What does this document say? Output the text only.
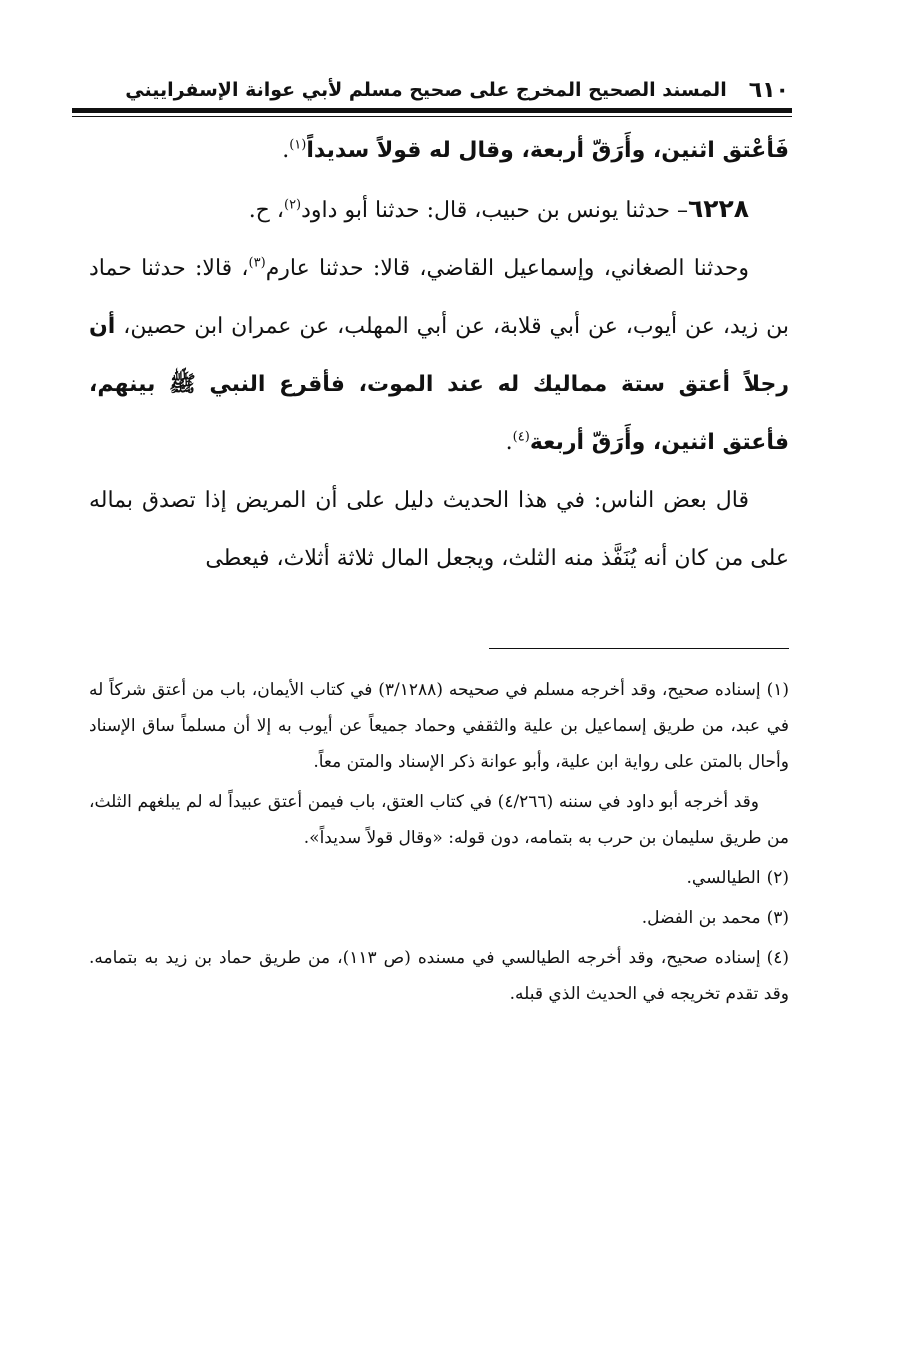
٦١٠
المسند الصحيح المخرج على صحيح مسلم لأبي عوانة الإسفراييني

فَأعْتق اثنين، وأَرَقّ أربعة، وقال له قولاً سديداً$^{(١)}$.

٦٢٢٨– حدثنا يونس بن حبيب، قال: حدثنا أبو داود$^{(٢)}$، ح.

وحدثنا الصغاني، وإسماعيل القاضي، قالا: حدثنا عارم$^{(٣)}$، قالا: حدثنا حماد بن زيد، عن أيوب، عن أبي قلابة، عن أبي المهلب، عن عمران ابن حصين، أن رجلاً أعتق ستة مماليك له عند الموت، فأقرع النبي ﷺ بينهم، فأعتق اثنين، وأَرَقّ أربعة$^{(٤)}$.

قال بعض الناس: في هذا الحديث دليل على أن المريض إذا تصدق بماله على من كان أنه يُنَفَّذ منه الثلث، ويجعل المال ثلاثة أثلاث، فيعطى

(١)إسناده صحيح، وقد أخرجه مسلم في صحيحه (٣/١٢٨٨) في كتاب الأيمان، باب من أعتق شركاً له في عبد، من طريق إسماعيل بن علية والثقفي وحماد جميعاً عن أيوب به إلا أن مسلماً ساق الإسناد وأحال بالمتن على رواية ابن علية، وأبو عوانة ذكر الإسناد والمتن معاً.

وقد أخرجه أبو داود في سننه (٤/٢٦٦) في كتاب العتق، باب فيمن أعتق عبيداً له لم يبلغهم الثلث، من طريق سليمان بن حرب به بتمامه، دون قوله: «وقال قولاً سديداً».

(٢)الطيالسي.

(٣)محمد بن الفضل.

(٤)إسناده صحيح، وقد أخرجه الطيالسي في مسنده (ص ١١٣)، من طريق حماد بن زيد به بتمامه. وقد تقدم تخريجه في الحديث الذي قبله.
